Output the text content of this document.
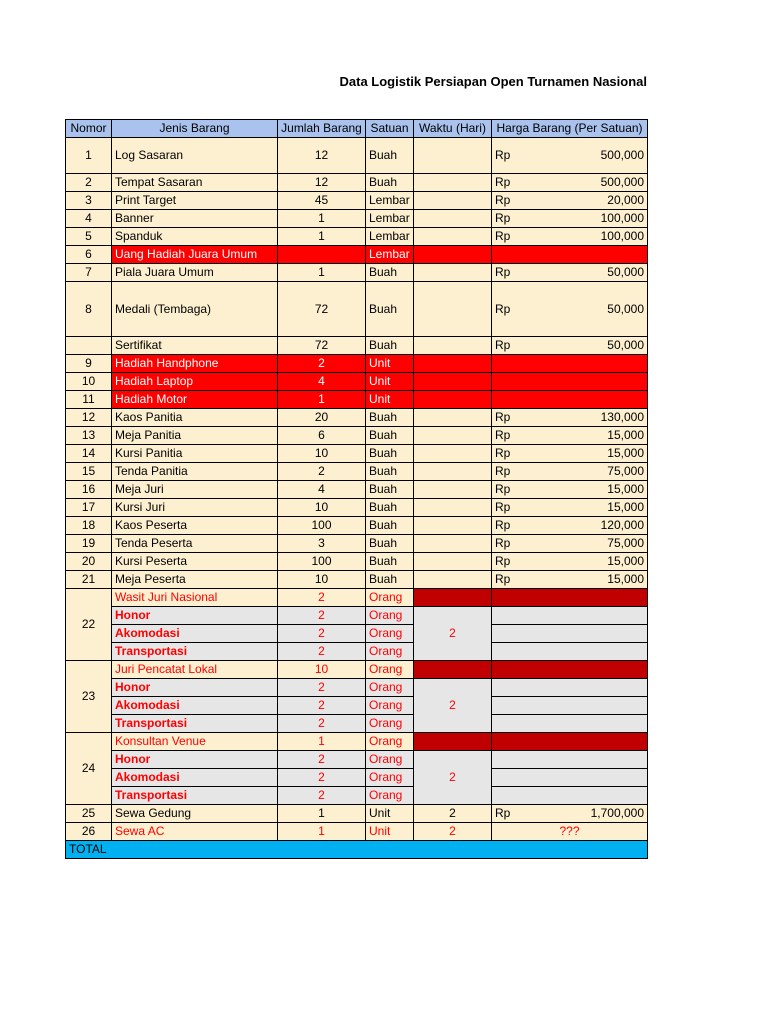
Data Logistik Persiapan Open Turnamen Nasional
Nomor	Jenis Barang	Jumlah Barang	Satuan	Waktu (Hari)	Harga Barang (Per Satuan)
1	Log Sasaran	12	Buah		Rp 500,000

2	Tempat Sasaran	12	Buah		Rp 500,000

3	Print Target	45	Lembar		Rp 20,000

4	Banner	1	Lembar		Rp 100,000

5	Spanduk	1	Lembar		Rp 100,000

6	Uang Hadiah Juara Umum		Lembar		
7	Piala Juara Umum	1	Buah		Rp 50,000

8	Medali (Tembaga)	72	Buah		Rp 50,000

	Sertifikat	72	Buah		Rp 50,000

9	Hadiah Handphone	2	Unit		
10	Hadiah Laptop	4	Unit		
11	Hadiah Motor	1	Unit		
12	Kaos Panitia	20	Buah		Rp 130,000

13	Meja Panitia	6	Buah		Rp 15,000

14	Kursi Panitia	10	Buah		Rp 15,000

15	Tenda Panitia	2	Buah		Rp 75,000

16	Meja Juri	4	Buah		Rp 15,000

17	Kursi Juri	10	Buah		Rp 15,000

18	Kaos Peserta	100	Buah		Rp 120,000

19	Tenda Peserta	3	Buah		Rp 75,000

20	Kursi Peserta	100	Buah		Rp 15,000

21	Meja Peserta	10	Buah		Rp 15,000

22	Wasit Juri Nasional	2	Orang		
	Honor	2	Orang	2	
	Akomodasi	2	Orang		
	Transportasi	2	Orang		
23	Juri Pencatat Lokal	10	Orang		
	Honor	2	Orang	2	
	Akomodasi	2	Orang		
	Transportasi	2	Orang		
24	Konsultan Venue	1	Orang		
	Honor	2	Orang	2	
	Akomodasi	2	Orang		
	Transportasi	2	Orang		
25	Sewa Gedung	1	Unit	2	Rp 1,700,000

26	Sewa AC	1	Unit	2	???
TOTAL					
